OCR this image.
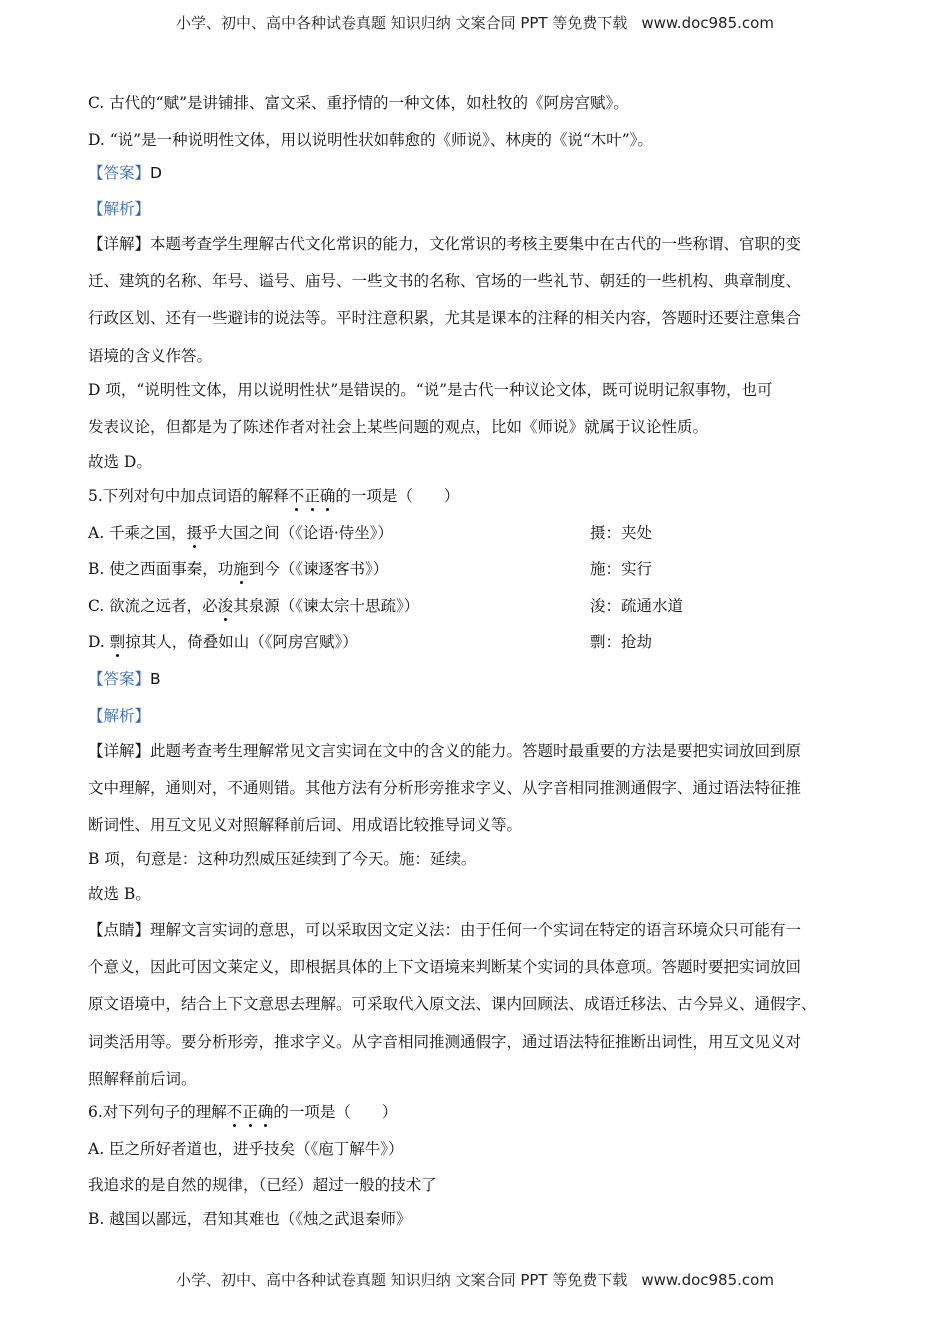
小学、初中、高中各种试卷真题 知识归纳 文案合同 PPT 等免费下载 www.doc985.com
C. 古代的“赋”是讲铺排、富文采、重抒情的一种文体，如杜牧的《阿房宫赋》。
D. “说”是一种说明性文体，用以说明性状如韩愈的《师说》、林庚的《说“木叶”》。
【答案】D
【解析】
【详解】本题考查学生理解古代文化常识的能力，文化常识的考核主要集中在古代的一些称谓、官职的变
迁、建筑的名称、年号、谥号、庙号、一些文书的名称、官场的一些礼节、朝廷的一些机构、典章制度、
行政区划、还有一些避讳的说法等。平时注意积累，尤其是课本的注释的相关内容，答题时还要注意集合
语境的含义作答。
D 项，“说明性文体，用以说明性状”是错误的。“说”是古代一种议论文体，既可说明记叙事物，也可
发表议论，但都是为了陈述作者对社会上某些问题的观点，比如《师说》就属于议论性质。
故选 D。
5.下列对句中加点词语的解释不正确的一项是（　　）
A. 千乘之国，摄乎大国之间（《论语·侍坐》）	摄：夹处
B. 使之西面事秦，功施到今（《谏逐客书》）	施：实行
C. 欲流之远者，必浚其泉源（《谏太宗十思疏》）	浚：疏通水道
D. 剽掠其人，倚叠如山（《阿房宫赋》）	剽：抢劫
【答案】B
【解析】
【详解】此题考查考生理解常见文言实词在文中的含义的能力。答题时最重要的方法是要把实词放回到原
文中理解，通则对，不通则错。其他方法有分析形旁推求字义、从字音相同推测通假字、通过语法特征推
断词性、用互文见义对照解释前后词、用成语比较推导词义等。
B 项，句意是：这种功烈威压延续到了今天。施：延续。
故选 B。
【点睛】理解文言实词的意思，可以采取因文定义法：由于任何一个实词在特定的语言环境众只可能有一
个意义，因此可因文莱定义，即根据具体的上下文语境来判断某个实词的具体意项。答题时要把实词放回
原文语境中，结合上下文意思去理解。可采取代入原文法、课内回顾法、成语迁移法、古今异义、通假字、
词类活用等。要分析形旁，推求字义。从字音相同推测通假字，通过语法特征推断出词性，用互文见义对
照解释前后词。
6.对下列句子的理解不正确的一项是（　　）
A. 臣之所好者道也，进乎技矣（《庖丁解牛》）
我追求的是自然的规律，（已经）超过一般的技术了
B. 越国以鄙远，君知其难也（《烛之武退秦师》
小学、初中、高中各种试卷真题 知识归纳 文案合同 PPT 等免费下载 www.doc985.com
